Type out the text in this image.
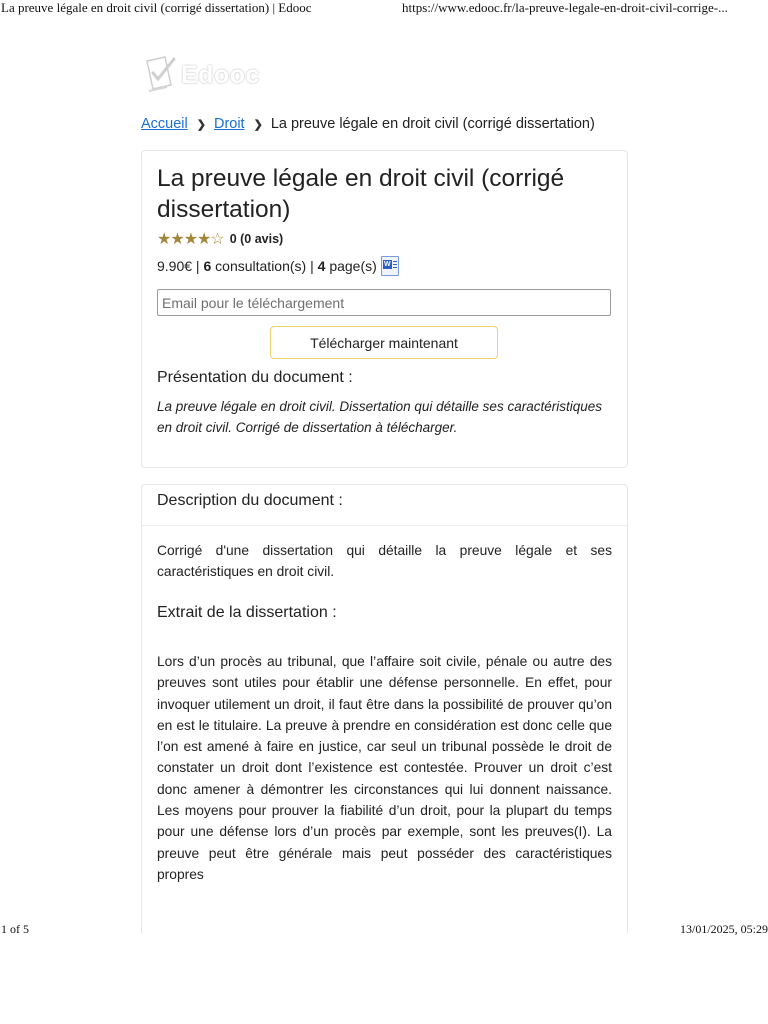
La preuve légale en droit civil (corrigé dissertation) | Edooc	https://www.edooc.fr/la-preuve-legale-en-droit-civil-corrige-...
Edooc
Accueil ❯ Droit ❯ La preuve légale en droit civil (corrigé dissertation)
La preuve légale en droit civil (corrigé dissertation)
★★★★☆ 0 (0 avis)
9.90€ | 6
consultation(s) | 4
page(s) W
Email pour le téléchargement
Télécharger maintenant
Présentation du document :

La preuve légale en droit civil. Dissertation qui détaille ses caractéristiques en droit civil. Corrigé de dissertation à télécharger.

Description du document :

Corrigé d'une dissertation qui détaille la preuve légale et ses caractéristiques en droit civil.

Extrait de la dissertation :

Lors d’un procès au tribunal, que l’affaire soit civile, pénale ou autre des preuves sont utiles pour établir une défense personnelle. En effet, pour invoquer utilement un droit, il faut être dans la possibilité de prouver qu’on en est le titulaire. La preuve à prendre en considération est donc celle que l’on est amené à faire en justice, car seul un tribunal possède le droit de constater un droit dont l’existence est contestée. Prouver un droit c’est donc amener à démontrer les circonstances qui lui donnent naissance. Les moyens pour prouver la fiabilité d’un droit, pour la plupart du temps pour une défense lors d’un procès par exemple, sont les preuves(I). La preuve peut être générale mais peut posséder des caractéristiques propres

1 of 5	13/01/2025, 05:29
